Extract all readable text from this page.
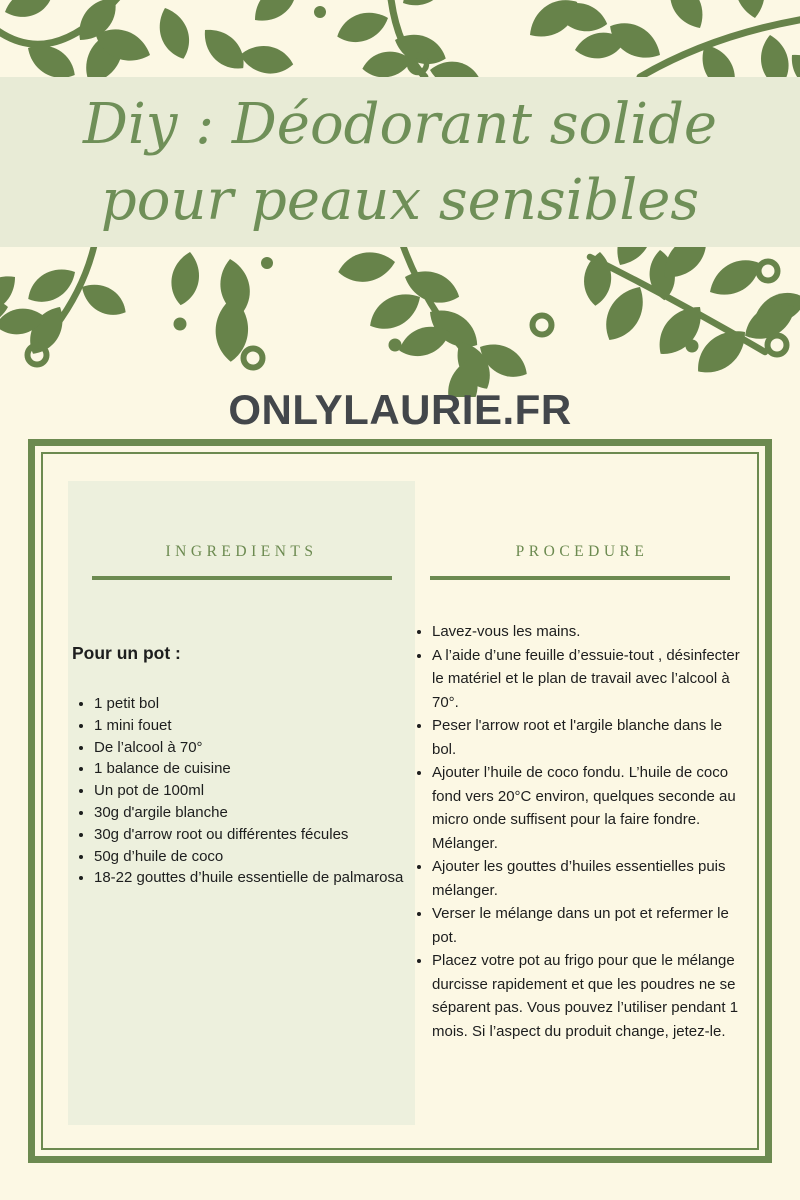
Diy : Déodorant solide
pour peaux sensibles
ONLYLAURIE.FR
INGREDIENTS
Pour un pot :
• 1 petit bol
• 1 mini fouet
• De l’alcool à 70°
• 1 balance de cuisine
• Un pot de 100ml
• 30g d'argile blanche
• 30g d'arrow root ou différentes fécules
• 50g d’huile de coco
• 18-22 gouttes d’huile essentielle de palmarosa
PROCEDURE
• Lavez-vous les mains.
• A l’aide d’une feuille d’essuie-tout , désinfecter le matériel et le plan de travail avec l’alcool à 70°.
• Peser l'arrow root et l'argile blanche dans le bol.
• Ajouter l’huile de coco fondu. L’huile de coco fond vers 20°C environ, quelques seconde au micro onde suffisent pour la faire fondre. Mélanger.
• Ajouter les gouttes d’huiles essentielles puis mélanger.
• Verser le mélange dans un pot et refermer le pot.
• Placez votre pot au frigo pour que le mélange durcisse rapidement et que les poudres ne se séparent pas. Vous pouvez l’utiliser pendant 1 mois. Si l’aspect du produit change, jetez-le.
